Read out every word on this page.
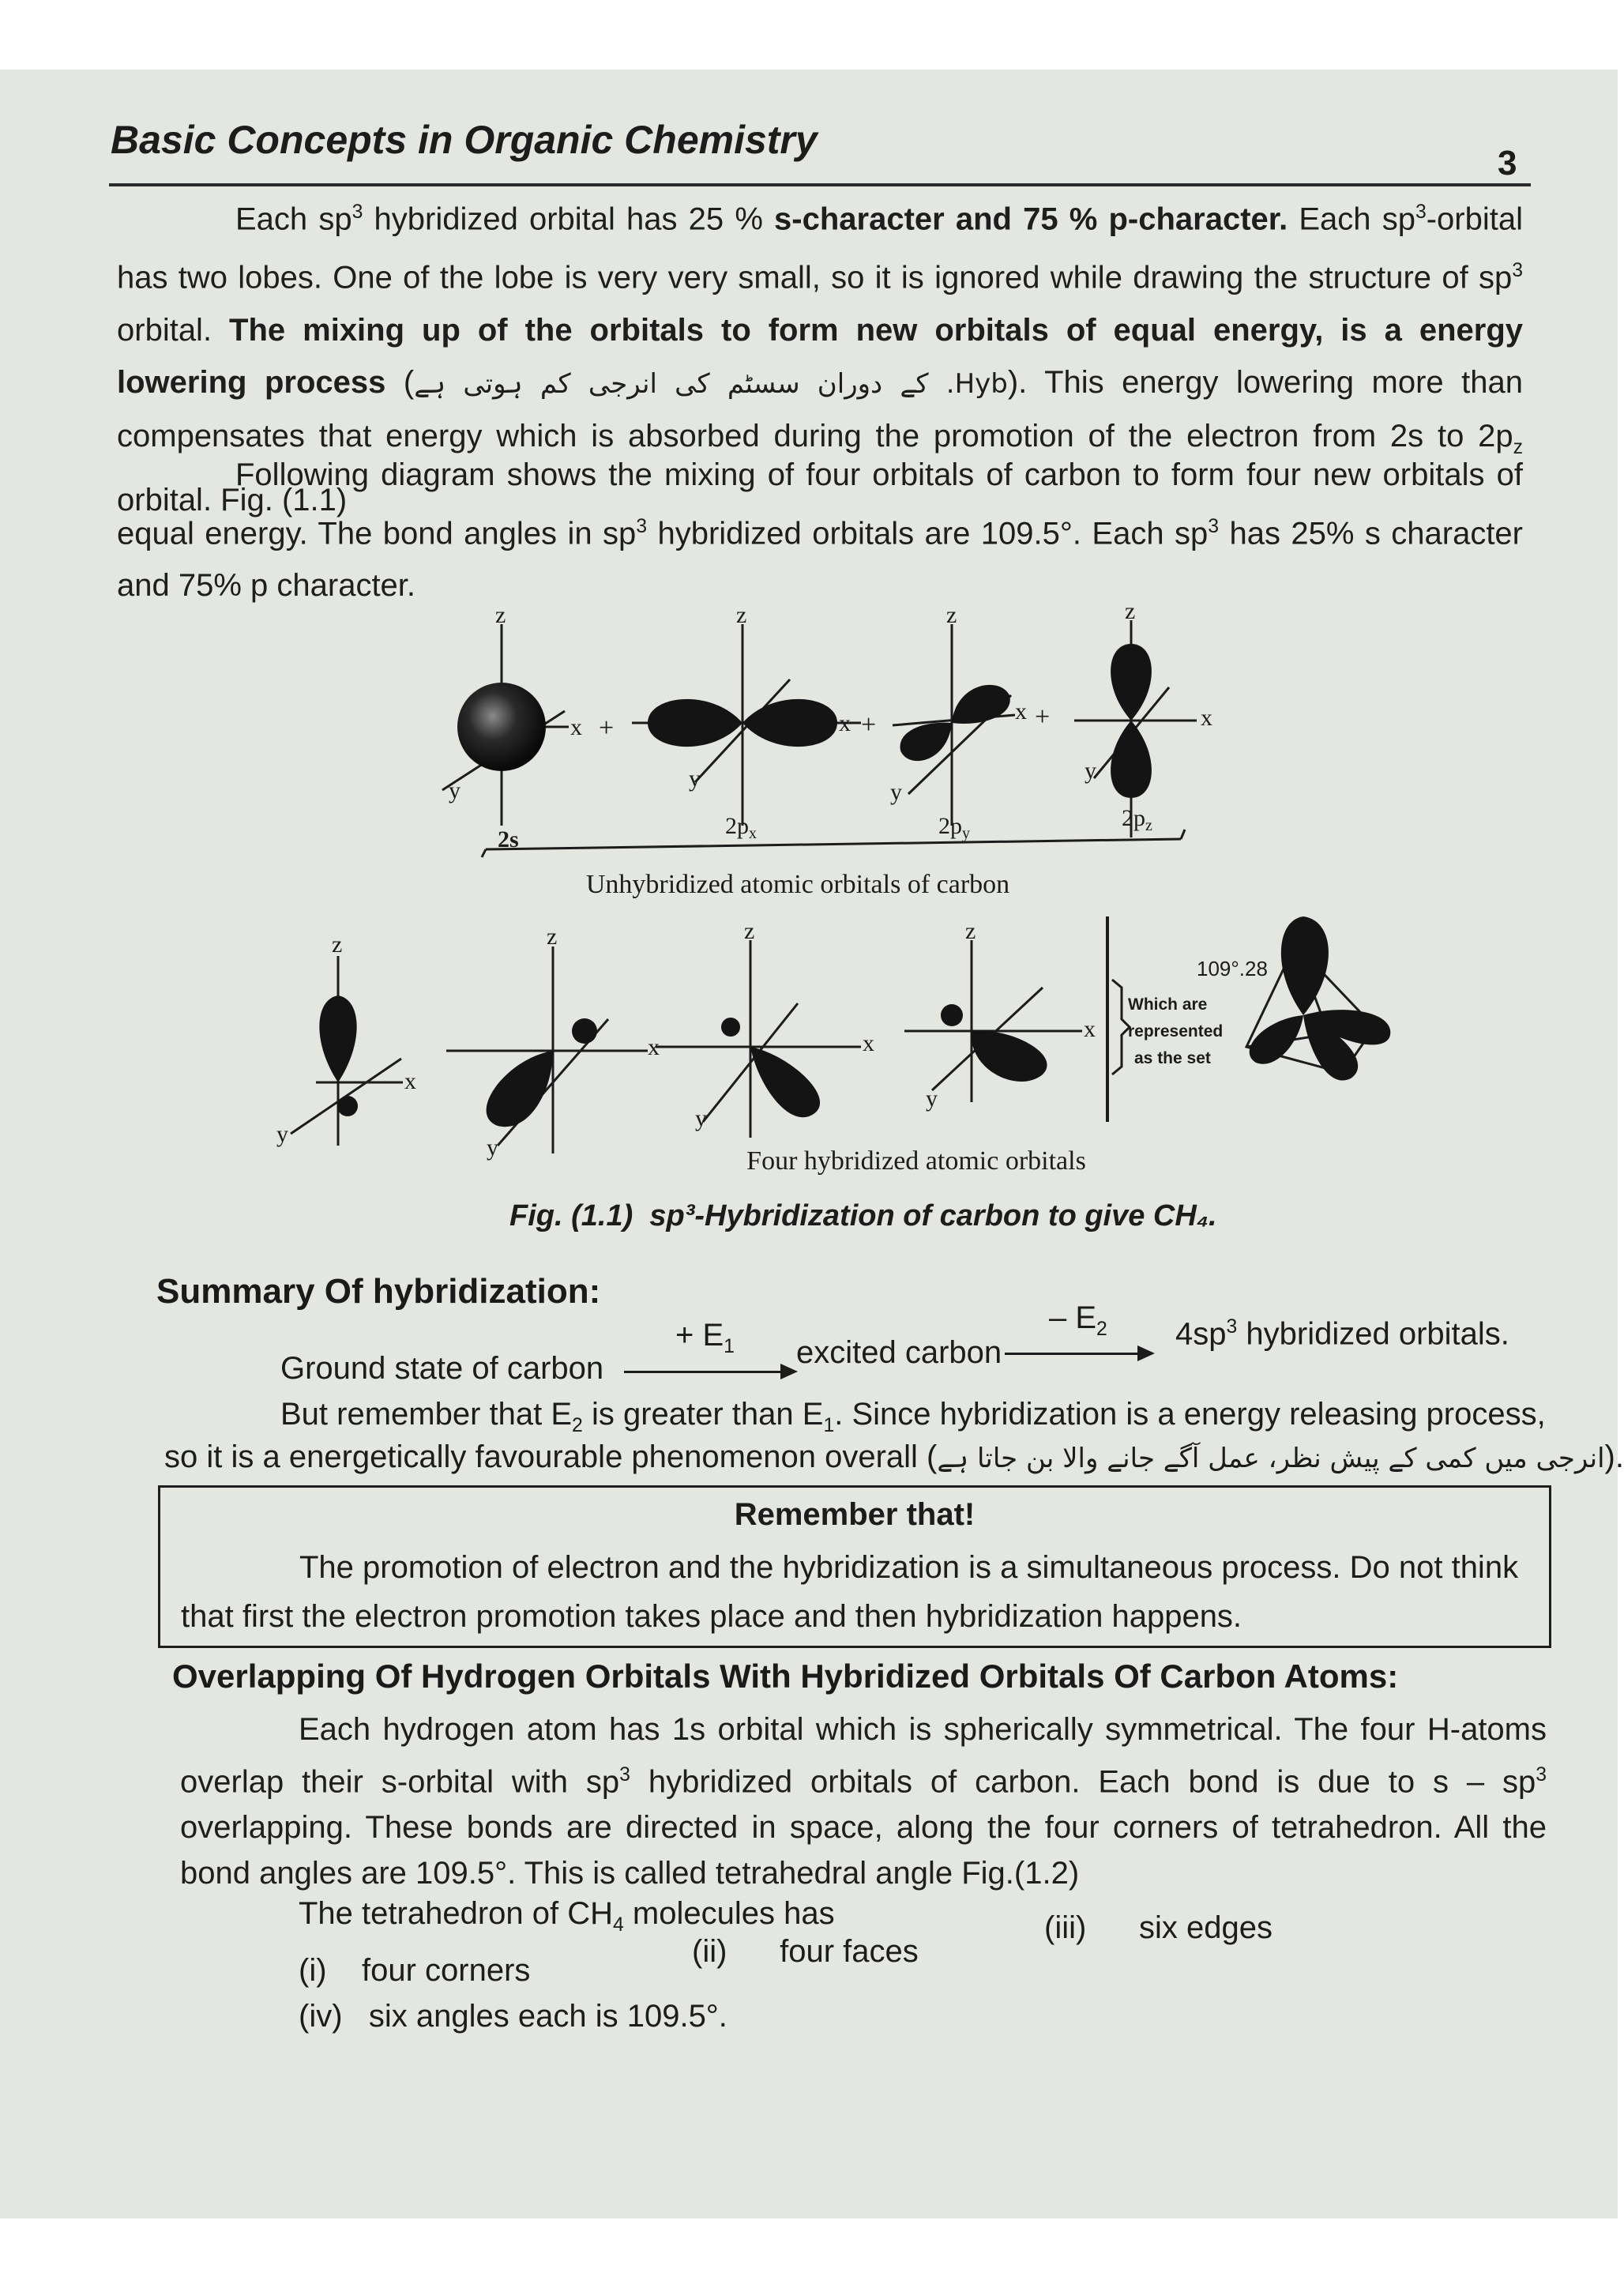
Basic Concepts in Organic Chemistry
3
Each $sp^3$ hybridized orbital has 25 % s-character and 75 % p-character. Each $sp^3$-orbital has two lobes. One of the lobe is very very small, so it is ignored while drawing the structure of $sp^3$ orbital. The mixing up of the orbitals to form new orbitals of equal energy, is a energy lowering process (Hyb. کے دوران سسٹم کی انرجی کم ہوتی ہے). This energy lowering more than compensates that energy which is absorbed during the promotion of the electron from 2s to $2p_z$ orbital. Fig. (1.1)
Following diagram shows the mixing of four orbitals of carbon to form four new orbitals of equal energy. The bond angles in $sp^3$ hybridized orbitals are 109.5°. Each $sp^3$ has 25% s character and 75% p character.
z
y
x +
z
y
x +
z
y
x +
z
y
x
2s
$2p_x$	$2p_y$
$2p_z$
Unhybridized atomic orbitals of carbon
z
y
x
z
y
x
z
y
x
z
y
x
109°.28
Which are
represented
as the set
Four hybridized atomic orbitals
Fig. (1.1) sp³-Hybridization of carbon to give CH₄.
Summary Of hybridization:
Ground state of carbon
+ $E_1$ excited carbon
– $E_2$ $4sp^3$ hybridized orbitals.
But remember that $E_2$ is greater than $E_1$. Since hybridization is a energy releasing process,
so it is a energetically favourable phenomenon overall (انرجی میں کمی کے پیش نظر، عمل آگے جانے والا بن جاتا ہے).
Remember that!
The promotion of electron and the hybridization is a simultaneous process. Do not think that first the electron promotion takes place and then hybridization happens.
Overlapping Of Hydrogen Orbitals With Hybridized Orbitals Of Carbon Atoms:
Each hydrogen atom has 1s orbital which is spherically symmetrical. The four H-atoms overlap their s-orbital with $sp^3$ hybridized orbitals of carbon. Each bond is due to s – $sp^3$ overlapping. These bonds are directed in space, along the four corners of tetrahedron. All the bond angles are 109.5°. This is called tetrahedral angle Fig.(1.2)
The tetrahedron of $CH_4$ molecules has
(i) four corners
(ii) four faces
(iii) six edges
(iv) six angles each is 109.5°.
